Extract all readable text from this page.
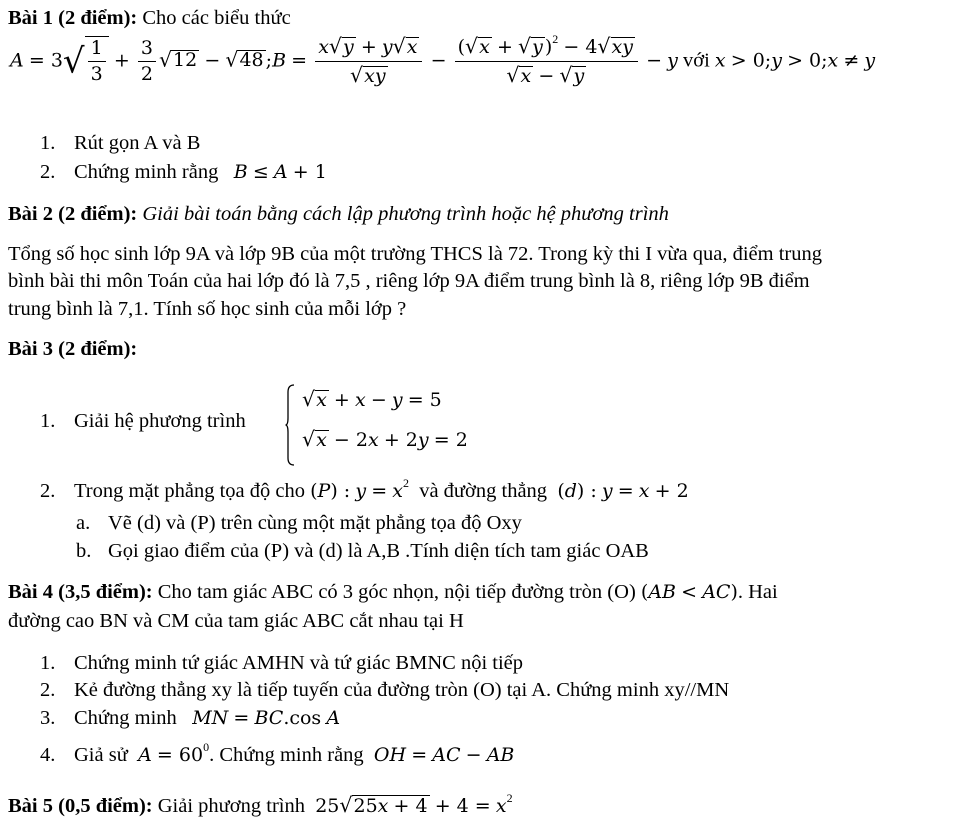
Bài 1 (2 điểm): Cho các biểu thức
$A = 3√ \frac{1}{3} + \frac{3}{2} √12 - √48$ ;B = $\frac{x√y + y√x}{√xy} - \frac{(√x + √y )^2 - 4√xy}{√x - √y} - y$ với x > 0;y > 0;x ≠ y
1. Rút gọn A và B
2. Chứng minh rằng B ≤ A + 1
Bài 2 (2 điểm): Giải bài toán bằng cách lập phương trình hoặc hệ phương trình
Tổng số học sinh lớp 9A và lớp 9B của một trường THCS là 72. Trong kỳ thi I vừa qua, điểm trung
bình bài thi môn Toán của hai lớp đó là 7,5 , riêng lớp 9A điểm trung bình là 8, riêng lớp 9B điểm
trung bình là 7,1. Tính số học sinh của mỗi lớp ?
Bài 3 (2 điểm):
1. Giải hệ phương trình
√x + x − y = 5
√x − 2x + 2y = 2
2. Trong mặt phẳng tọa độ cho (P) : $y = x^2$ và đường thẳng (d) : y = x + 2
a. Vẽ (d) và (P) trên cùng một mặt phẳng tọa độ Oxy
b. Gọi giao điểm của (P) và (d) là A,B .Tính diện tích tam giác OAB
Bài 4 (3,5 điểm): Cho tam giác ABC có 3 góc nhọn, nội tiếp đường tròn (O) (AB < AC). Hai
đường cao BN và CM của tam giác ABC cắt nhau tại H
1. Chứng minh tứ giác AMHN và tứ giác BMNC nội tiếp
2. Kẻ đường thẳng xy là tiếp tuyến của đường tròn (O) tại A. Chứng minh xy//MN
3. Chứng minh MN = BC.cos A
4. Giả sử $A = 60^0$. Chứng minh rằng OH = AC − AB
Bài 5 (0,5 điểm): Giải phương trình $25√25x + 4 + 4 = x^2$
